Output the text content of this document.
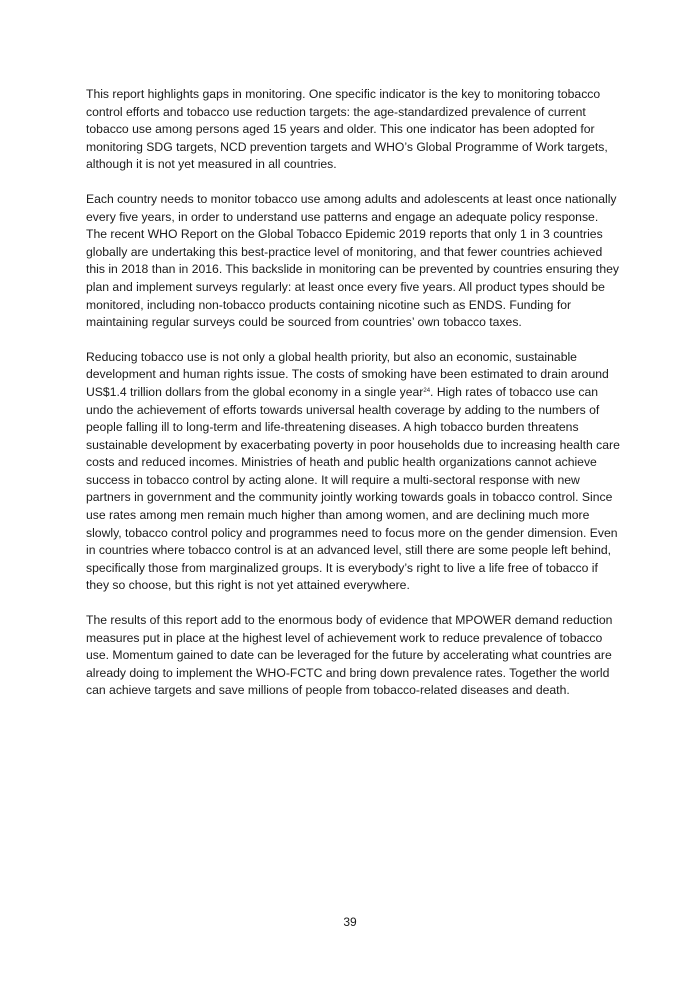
This report highlights gaps in monitoring. One specific indicator is the key to monitoring tobacco control efforts and tobacco use reduction targets: the age-standardized prevalence of current tobacco use among persons aged 15 years and older. This one indicator has been adopted for monitoring SDG targets, NCD prevention targets and WHO’s Global Programme of Work targets, although it is not yet measured in all countries.

Each country needs to monitor tobacco use among adults and adolescents at least once nationally every five years, in order to understand use patterns and engage an adequate policy response. The recent WHO Report on the Global Tobacco Epidemic 2019 reports that only 1 in 3 countries globally are undertaking this best-practice level of monitoring, and that fewer countries achieved this in 2018 than in 2016. This backslide in monitoring can be prevented by countries ensuring they plan and implement surveys regularly: at least once every five years. All product types should be monitored, including non-tobacco products containing nicotine such as ENDS. Funding for maintaining regular surveys could be sourced from countries’ own tobacco taxes.

Reducing tobacco use is not only a global health priority, but also an economic, sustainable development and human rights issue. The costs of smoking have been estimated to drain around US$1.4 trillion dollars from the global economy in a single year$^{24}$. High rates of tobacco use can undo the achievement of efforts towards universal health coverage by adding to the numbers of people falling ill to long-term and life-threatening diseases. A high tobacco burden threatens sustainable development by exacerbating poverty in poor households due to increasing health care costs and reduced incomes. Ministries of heath and public health organizations cannot achieve success in tobacco control by acting alone. It will require a multi-sectoral response with new partners in government and the community jointly working towards goals in tobacco control. Since use rates among men remain much higher than among women, and are declining much more slowly, tobacco control policy and programmes need to focus more on the gender dimension. Even in countries where tobacco control is at an advanced level, still there are some people left behind, specifically those from marginalized groups. It is everybody’s right to live a life free of tobacco if they so choose, but this right is not yet attained everywhere.

The results of this report add to the enormous body of evidence that MPOWER demand reduction measures put in place at the highest level of achievement work to reduce prevalence of tobacco use. Momentum gained to date can be leveraged for the future by accelerating what countries are already doing to implement the WHO-FCTC and bring down prevalence rates. Together the world can achieve targets and save millions of people from tobacco-related diseases and death.

39
